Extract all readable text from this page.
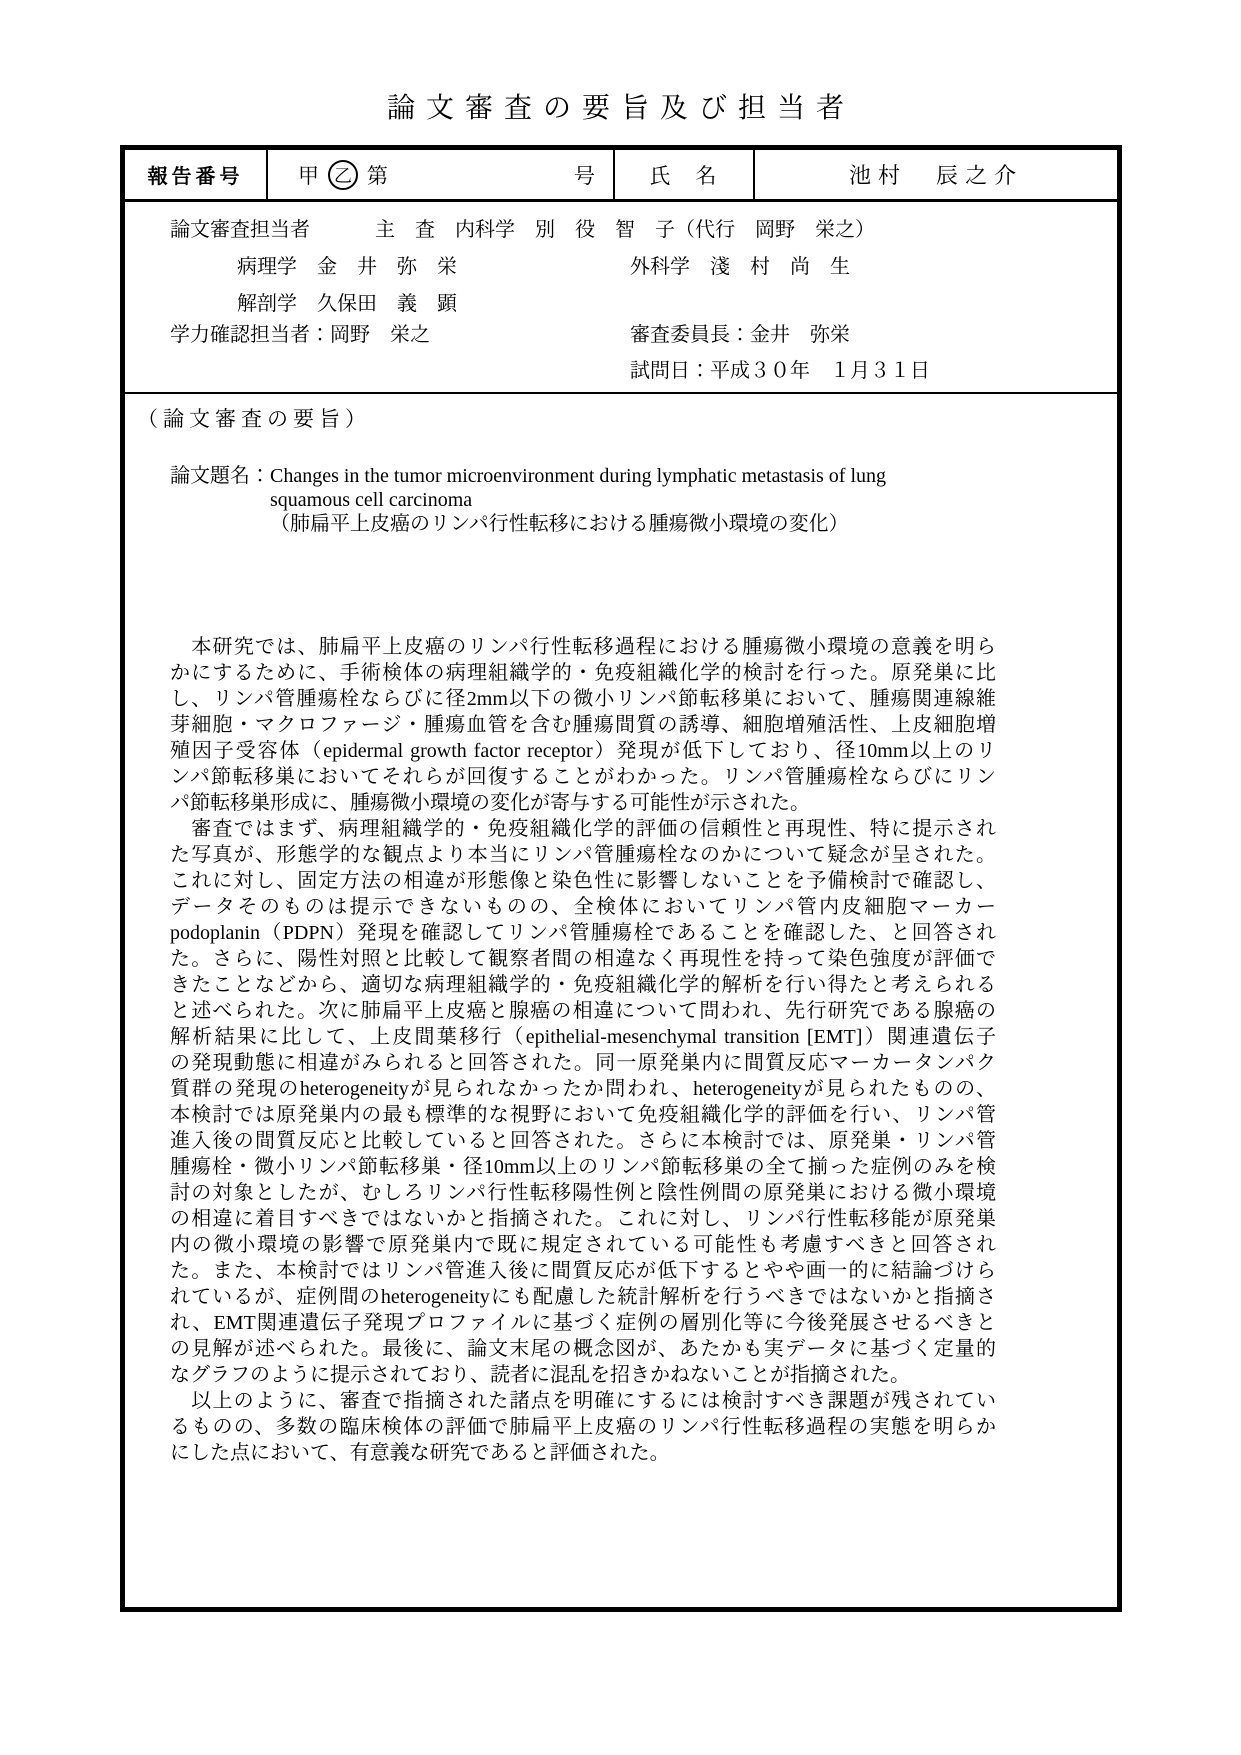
論文審査の要旨及び担当者
報告番号	甲 乙 第	号	氏　名	池村　辰之介
論文審査担当者	主　査　内科学　別　役　智　子（代行　岡野　栄之）
病理学　金　井　弥　栄	外科学　淺　村　尚　生
解剖学　久保田　義　顕
学力確認担当者：岡野　栄之	審査委員長：金井　弥栄
試問日：平成３０年　１月３１日
（論文審査の要旨）
論文題名： Changes in the tumor microenvironment during lymphatic metastasis of lung
squamous cell carcinoma
（肺扁平上皮癌のリンパ行性転移における腫瘍微小環境の変化）
　本研究では、肺扁平上皮癌のリンパ行性転移過程における腫瘍微小環境の意義を明ら
かにするために、手術検体の病理組織学的・免疫組織化学的検討を行った。原発巣に比
し、リンパ管腫瘍栓ならびに径2mm以下の微小リンパ節転移巣において、腫瘍関連線維
芽細胞・マクロファージ・腫瘍血管を含む腫瘍間質の誘導、細胞増殖活性、上皮細胞増
殖因子受容体（epidermal growth factor receptor）発現が低下しており、径10mm以上のリ
ンパ節転移巣においてそれらが回復することがわかった。リンパ管腫瘍栓ならびにリン
パ節転移巣形成に、腫瘍微小環境の変化が寄与する可能性が示された。
　審査ではまず、病理組織学的・免疫組織化学的評価の信頼性と再現性、特に提示され
た写真が、形態学的な観点より本当にリンパ管腫瘍栓なのかについて疑念が呈された。
これに対し、固定方法の相違が形態像と染色性に影響しないことを予備検討で確認し、
データそのものは提示できないものの、全検体においてリンパ管内皮細胞マーカー
podoplanin（PDPN）発現を確認してリンパ管腫瘍栓であることを確認した、と回答され
た。さらに、陽性対照と比較して観察者間の相違なく再現性を持って染色強度が評価で
きたことなどから、適切な病理組織学的・免疫組織化学的解析を行い得たと考えられる
と述べられた。次に肺扁平上皮癌と腺癌の相違について問われ、先行研究である腺癌の
解析結果に比して、上皮間葉移行（epithelial-mesenchymal transition [EMT]）関連遺伝子
の発現動態に相違がみられると回答された。同一原発巣内に間質反応マーカータンパク
質群の発現のheterogeneityが見られなかったか問われ、heterogeneityが見られたものの、
本検討では原発巣内の最も標準的な視野において免疫組織化学的評価を行い、リンパ管
進入後の間質反応と比較していると回答された。さらに本検討では、原発巣・リンパ管
腫瘍栓・微小リンパ節転移巣・径10mm以上のリンパ節転移巣の全て揃った症例のみを検
討の対象としたが、むしろリンパ行性転移陽性例と陰性例間の原発巣における微小環境
の相違に着目すべきではないかと指摘された。これに対し、リンパ行性転移能が原発巣
内の微小環境の影響で原発巣内で既に規定されている可能性も考慮すべきと回答され
た。また、本検討ではリンパ管進入後に間質反応が低下するとやや画一的に結論づけら
れているが、症例間のheterogeneityにも配慮した統計解析を行うべきではないかと指摘さ
れ、EMT関連遺伝子発現プロファイルに基づく症例の層別化等に今後発展させるべきと
の見解が述べられた。最後に、論文末尾の概念図が、あたかも実データに基づく定量的
なグラフのように提示されており、読者に混乱を招きかねないことが指摘された。
　以上のように、審査で指摘された諸点を明確にするには検討すべき課題が残されてい
るものの、多数の臨床検体の評価で肺扁平上皮癌のリンパ行性転移過程の実態を明らか
にした点において、有意義な研究であると評価された。
